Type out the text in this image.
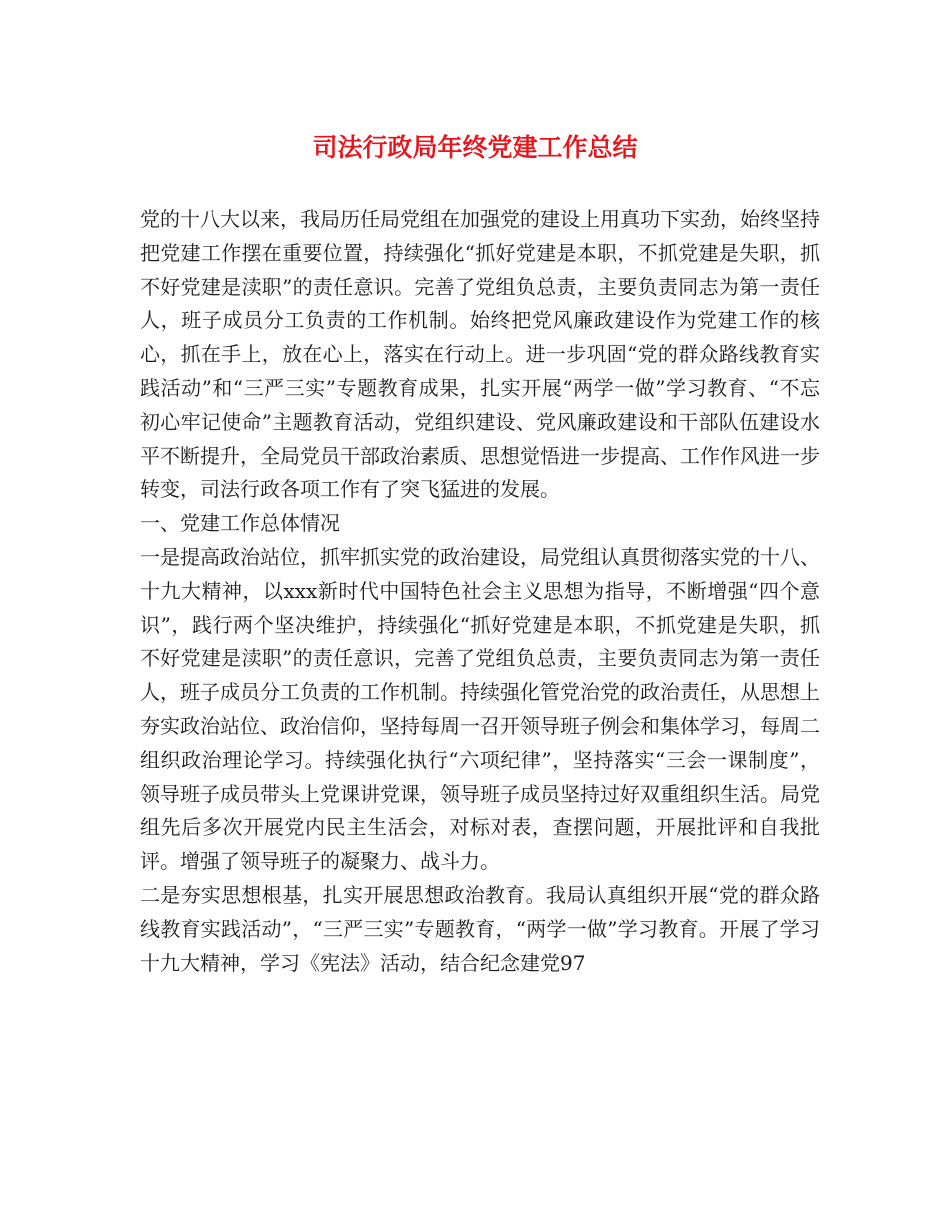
司法行政局年终党建工作总结

党的十八大以来，我局历任局党组在加强党的建设上用真功下实劲，始终坚持把党建工作摆在重要位置，持续强化“抓好党建是本职，不抓党建是失职，抓不好党建是渎职”的责任意识。完善了党组负总责，主要负责同志为第一责任人，班子成员分工负责的工作机制。始终把党风廉政建设作为党建工作的核心，抓在手上，放在心上，落实在行动上。进一步巩固“党的群众路线教育实践活动”和“三严三实”专题教育成果，扎实开展“两学一做”学习教育、“不忘初心牢记使命”主题教育活动，党组织建设、党风廉政建设和干部队伍建设水平不断提升，全局党员干部政治素质、思想觉悟进一步提高、工作作风进一步转变，司法行政各项工作有了突飞猛进的发展。

一、党建工作总体情况

一是提高政治站位，抓牢抓实党的政治建设，局党组认真贯彻落实党的十八、十九大精神，以xxx新时代中国特色社会主义思想为指导，不断增强“四个意识”，践行两个坚决维护，持续强化“抓好党建是本职，不抓党建是失职，抓不好党建是渎职”的责任意识，完善了党组负总责，主要负责同志为第一责任人，班子成员分工负责的工作机制。持续强化管党治党的政治责任，从思想上夯实政治站位、政治信仰，坚持每周一召开领导班子例会和集体学习，每周二组织政治理论学习。持续强化执行“六项纪律”，坚持落实“三会一课制度”，领导班子成员带头上党课讲党课，领导班子成员坚持过好双重组织生活。局党组先后多次开展党内民主生活会，对标对表，查摆问题，开展批评和自我批评。增强了领导班子的凝聚力、战斗力。

二是夯实思想根基，扎实开展思想政治教育。我局认真组织开展“党的群众路线教育实践活动”，“三严三实”专题教育，“两学一做”学习教育。开展了学习十九大精神，学习《宪法》活动，结合纪念建党97
